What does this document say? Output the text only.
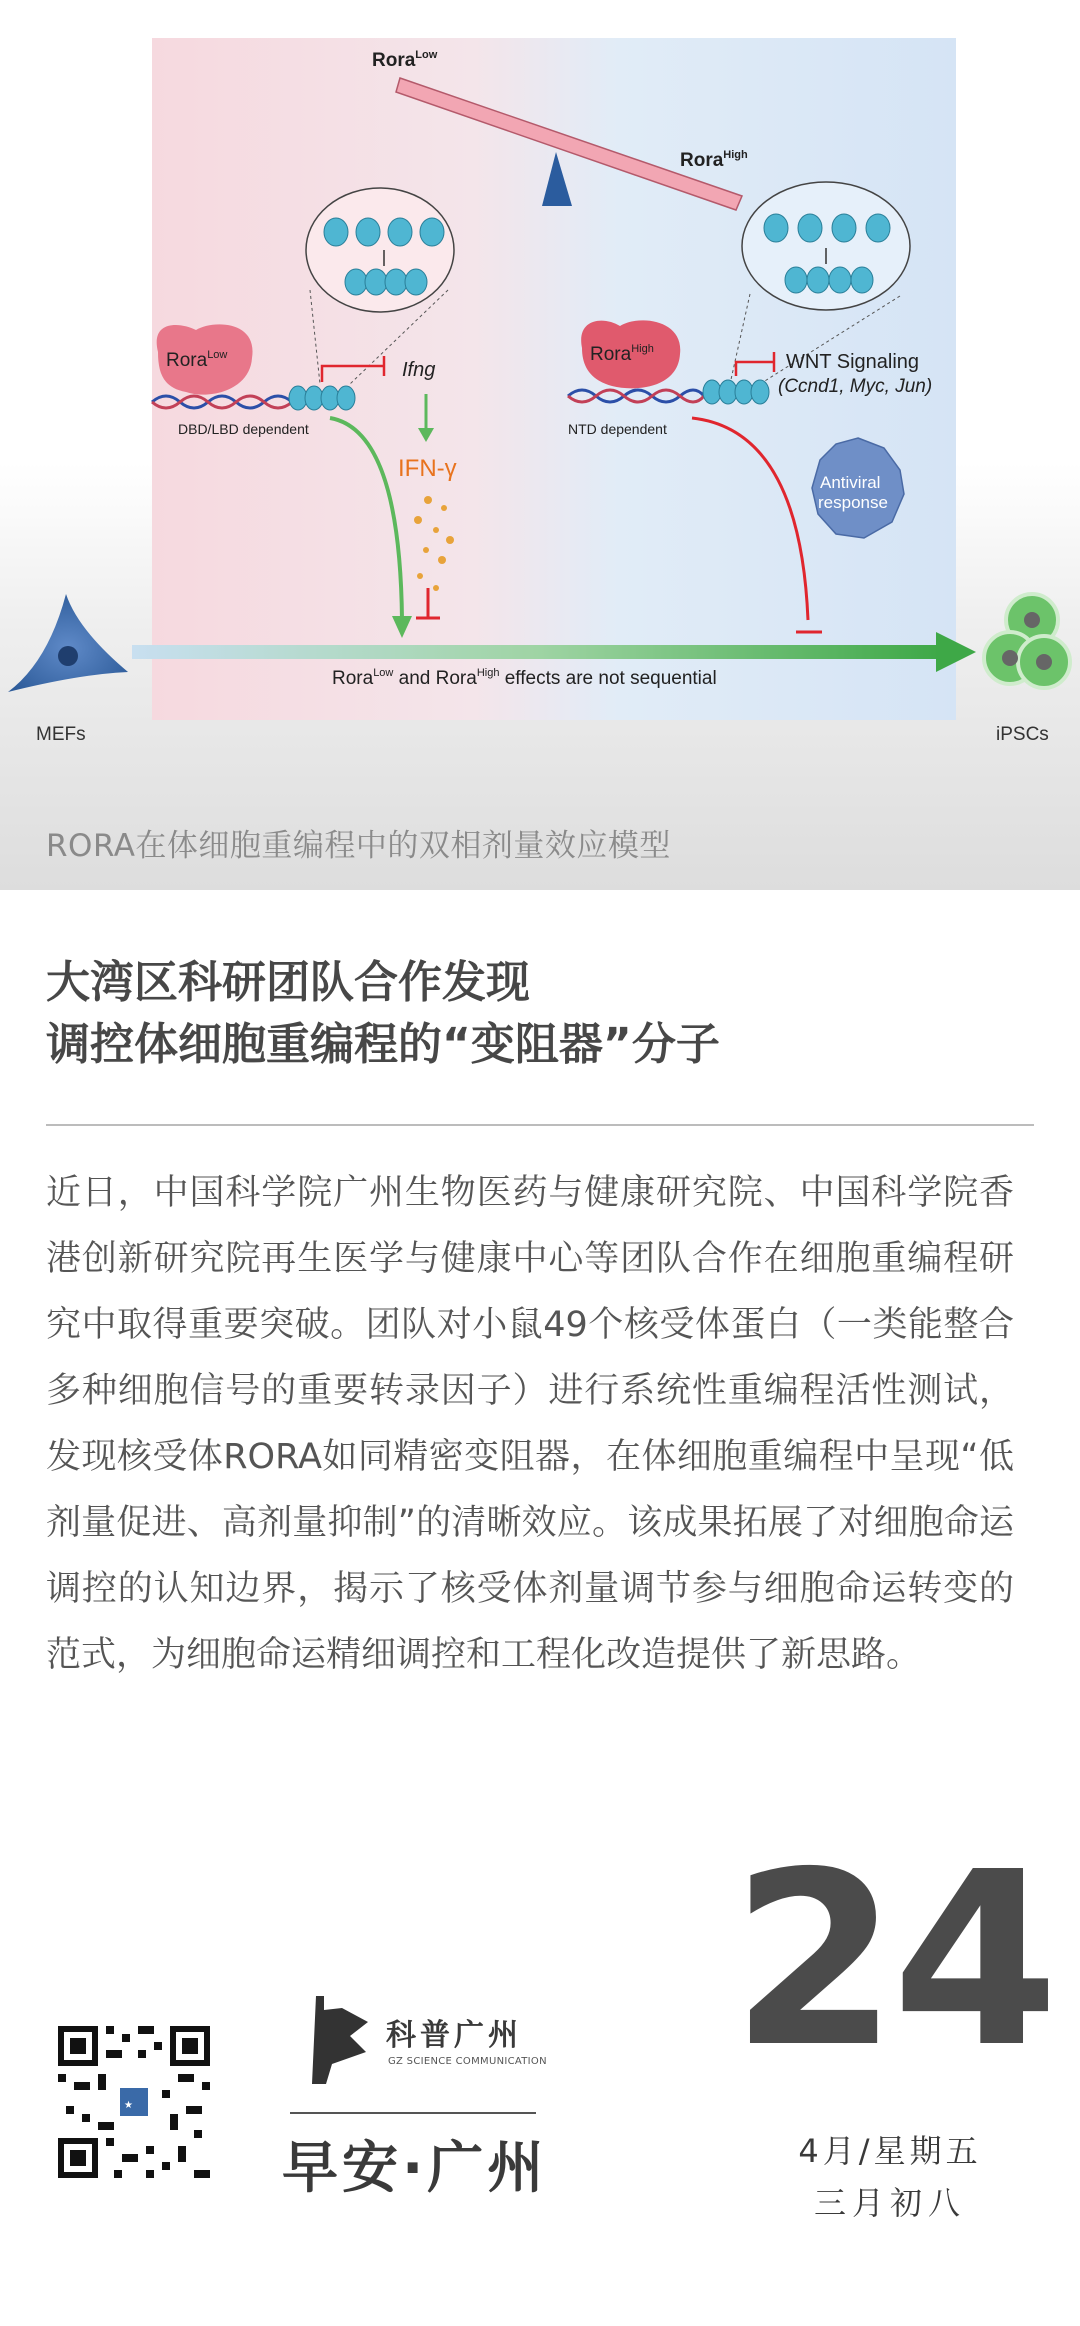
Rora$^{Low}$
Rora$^{High}$
Rora$^{Low}$
DBD/LBD dependent
Ifng
IFN-γ
Rora$^{High}$
NTD dependent
WNT Signaling
(Ccnd1, Myc, Jun)
Antiviral
response
Rora$^{Low}$ and Rora$^{High}$ effects are not sequential
MEFs	iPSCs
RORA在体细胞重编程中的双相剂量效应模型
大湾区科研团队合作发现
调控体细胞重编程的“变阻器”分子
近日，中国科学院广州生物医药与健康研究院、中国科学院香港创新研究院再生医学与健康中心等团队合作在细胞重编程研究中取得重要突破。团队对小鼠49个核受体蛋白（一类能整合多种细胞信号的重要转录因子）进行系统性重编程活性测试，发现核受体RORA如同精密变阻器，在体细胞重编程中呈现“低剂量促进、高剂量抑制”的清晰效应。该成果拓展了对细胞命运调控的认知边界，揭示了核受体剂量调节参与细胞命运转变的范式，为细胞命运精细调控和工程化改造提供了新思路。
★
科普广州
GZ SCIENCE COMMUNICATION
早安·广州
24
4月/星期五
三月初八
